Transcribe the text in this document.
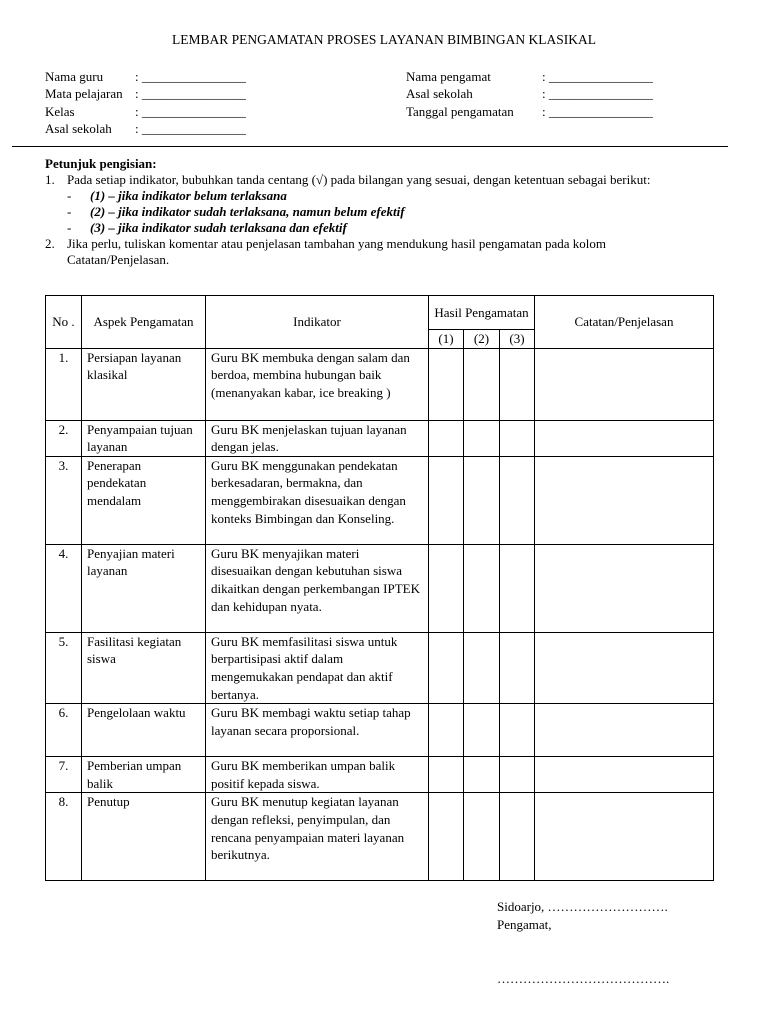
LEMBAR PENGAMATAN PROSES LAYANAN BIMBINGAN KLASIKAL
Nama guru	: ________________
Mata pelajaran : ________________
Kelas	: ________________
Asal sekolah	: ________________
Nama pengamat	: ________________
Asal sekolah	: ________________
Tanggal pengamatan	: ________________
Petunjuk pengisian:
1. Pada setiap indikator, bubuhkan tanda centang (√) pada bilangan yang sesuai, dengan ketentuan sebagai berikut:
-	(1) – jika indikator belum terlaksana
-	(2) – jika indikator sudah terlaksana, namun belum efektif
-	(3) – jika indikator sudah terlaksana dan efektif
2. Jika perlu, tuliskan komentar atau penjelasan tambahan yang mendukung hasil pengamatan pada kolom Catatan/Penjelasan.
No .	Aspek Pengamatan	Indikator	Hasil Pengamatan			Catatan/Penjelasan
			(1)	(2)	(3)	
1.	Persiapan layanan klasikal	Guru BK membuka dengan salam dan berdoa, membina hubungan baik (menanyakan kabar, ice breaking )				
2.	Penyampaian tujuan layanan	Guru BK menjelaskan tujuan layanan dengan jelas.				
3.	Penerapan pendekatan mendalam	Guru BK menggunakan pendekatan berkesadaran, bermakna, dan menggembirakan disesuaikan dengan konteks Bimbingan dan Konseling.				
4.	Penyajian materi layanan	Guru BK menyajikan materi disesuaikan dengan kebutuhan siswa dikaitkan dengan perkembangan IPTEK dan kehidupan nyata.				
5.	Fasilitasi kegiatan siswa	Guru BK memfasilitasi siswa untuk berpartisipasi aktif dalam mengemukakan pendapat dan aktif bertanya.				
6.	Pengelolaan waktu	Guru BK membagi waktu setiap tahap layanan secara proporsional.				
7.	Pemberian umpan balik	Guru BK memberikan umpan balik positif kepada siswa.				
8.	Penutup	Guru BK menutup kegiatan layanan dengan refleksi, penyimpulan, dan rencana penyampaian materi layanan berikutnya.				
Sidoarjo, ……………………….
Pengamat,
………………………………….
